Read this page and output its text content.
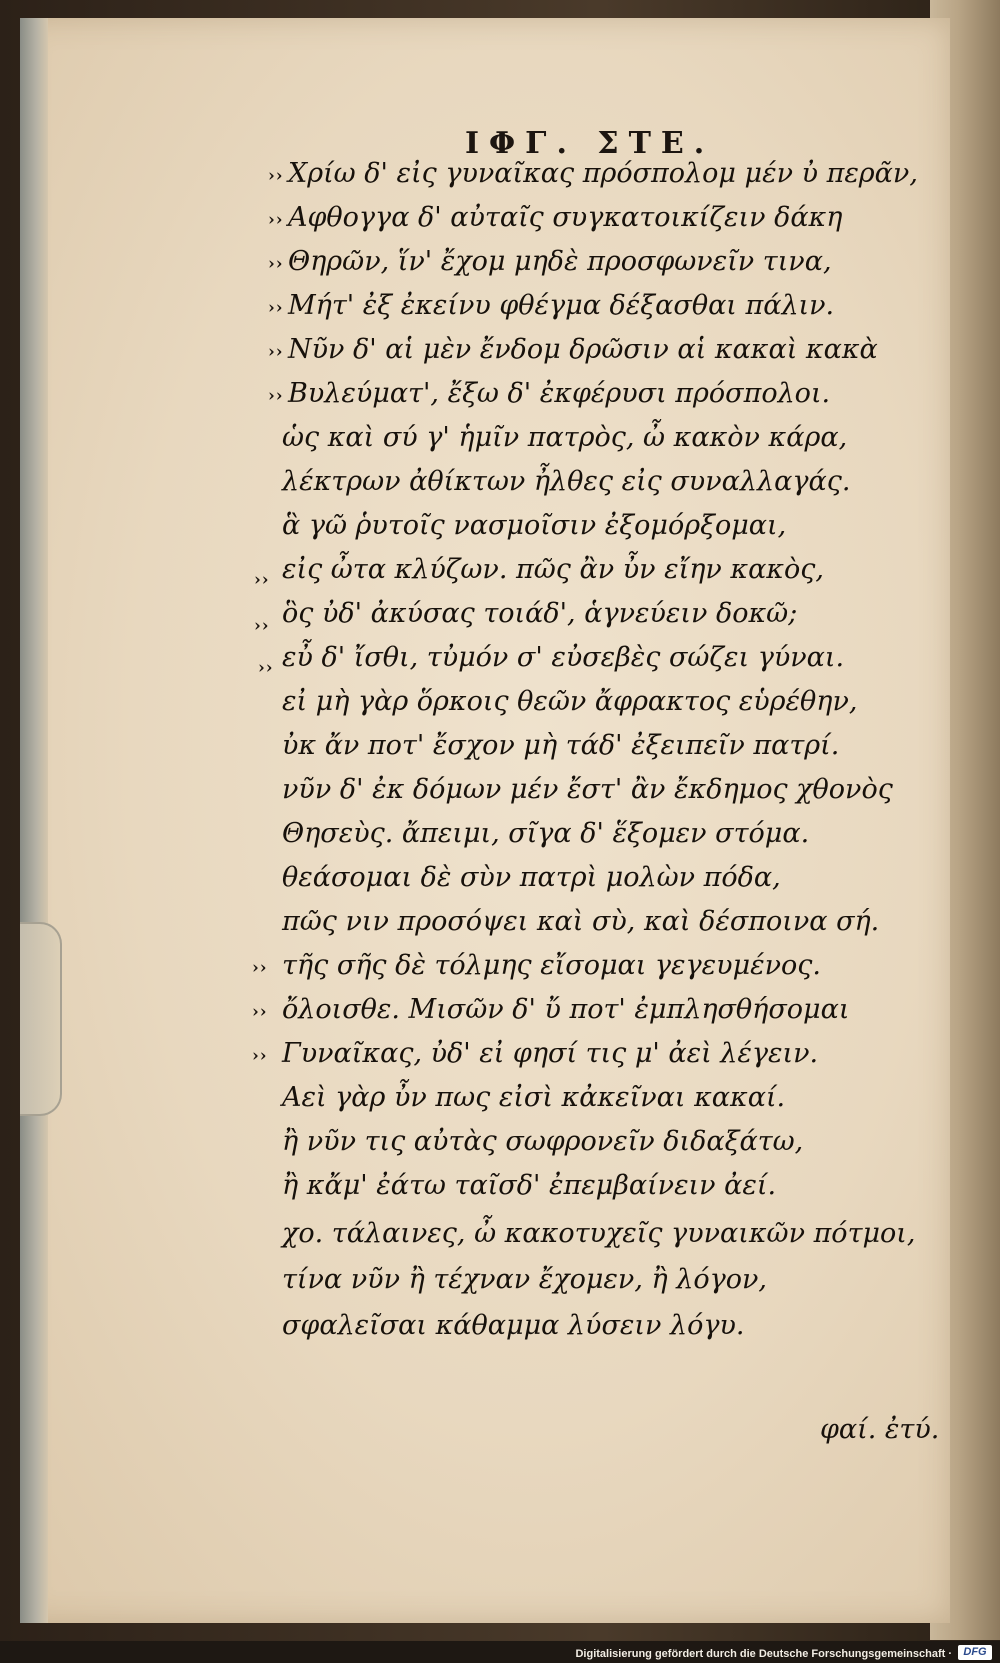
ΙΦΓ. ΣΤΕ.
››
››
››
››
››
››
››
››
››
››
››
››
Χρίω δ' εἰς γυναῖκας πρόσπολομ μέν ὐ περᾶν,
Αφθογγα δ' αὐταῖς συγκατοικίζειν δάκη
Θηρῶν, ἵν' ἔχομ μηδὲ προσφωνεῖν τινα,
Μήτ' ἐξ ἐκείνυ φθέγμα δέξασθαι πάλιν.
Νῦν δ' αἱ μὲν ἔνδομ δρῶσιν αἱ κακαὶ κακὰ
Βυλεύματ', ἔξω δ' ἐκφέρυσι πρόσπολοι.
ὡς καὶ σύ γ' ἡμῖν πατρὸς, ὦ κακὸν κάρα,
λέκτρων ἀθίκτων ἦλθες εἰς συναλλαγάς.
ἃ γῶ ῥυτοῖς νασμοῖσιν ἐξομόρξομαι,
εἰς ὦτα κλύζων. πῶς ἂν ὖν εἴην κακὸς,
ὃς ὐδ' ἀκύσας τοιάδ', ἁγνεύειν δοκῶ;
εὖ δ' ἴσθι, τὐμόν σ' εὐσεβὲς σώζει γύναι.
εἰ μὴ γὰρ ὅρκοις θεῶν ἄφρακτος εὑρέθην,
ὐκ ἄν ποτ' ἔσχον μὴ τάδ' ἐξειπεῖν πατρί.
νῦν δ' ἐκ δόμων μέν ἔστ' ἂν ἔκδημος χθονὸς
Θησεὺς. ἄπειμι, σῖγα δ' ἕξομεν στόμα.
θεάσομαι δὲ σὺν πατρὶ μολὼν πόδα,
πῶς νιν προσόψει καὶ σὺ, καὶ δέσποινα σή.
τῆς σῆς δὲ τόλμης εἴσομαι γεγευμένος.
ὄλοισθε. Μισῶν δ' ὔ ποτ' ἐμπλησθήσομαι
Γυναῖκας, ὐδ' εἰ φησί τις μ' ἀεὶ λέγειν.
Αεὶ γὰρ ὖν πως εἰσὶ κἀκεῖναι κακαί.
ἢ νῦν τις αὐτὰς σωφρονεῖν διδαξάτω,
ἢ κἄμ' ἐάτω ταῖσδ' ἐπεμβαίνειν ἀεί.
χο. τάλαινες, ὦ κακοτυχεῖς γυναικῶν πότμοι,
τίνα νῦν ἢ τέχναν ἔχομεν, ἢ λόγον,
σφαλεῖσαι κάθαμμα λύσειν λόγυ.
φαί. ἐτύ.
Digitalisierung gefördert durch die Deutsche Forschungsgemeinschaft ·	DFG
